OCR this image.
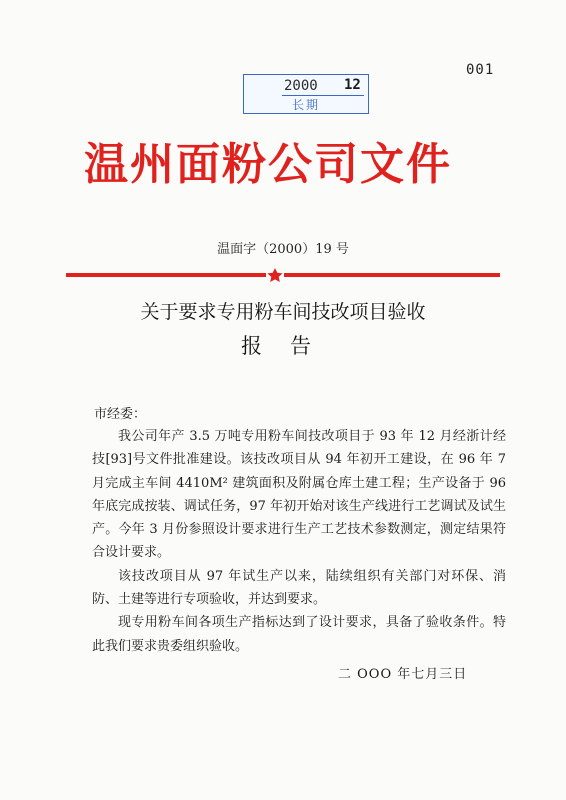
001
2000 12
长期
温州面粉公司文件
温面字（2000）19 号
关于要求专用粉车间技改项目验收
报告
市经委：

我公司年产 3.5 万吨专用粉车间技改项目于 93 年 12 月经浙计经技[93]号文件批准建设。该技改项目从 94 年初开工建设，在 96 年 7 月完成主车间 4410M² 建筑面积及附属仓库土建工程；生产设备于 96 年底完成按装、调试任务，97 年初开始对该生产线进行工艺调试及试生产。今年 3 月份参照设计要求进行生产工艺技术参数测定，测定结果符合设计要求。

该技改项目从 97 年试生产以来，陆续组织有关部门对环保、消防、土建等进行专项验收，并达到要求。

现专用粉车间各项生产指标达到了设计要求，具备了验收条件。特此我们要求贵委组织验收。

二 OOO 年七月三日
